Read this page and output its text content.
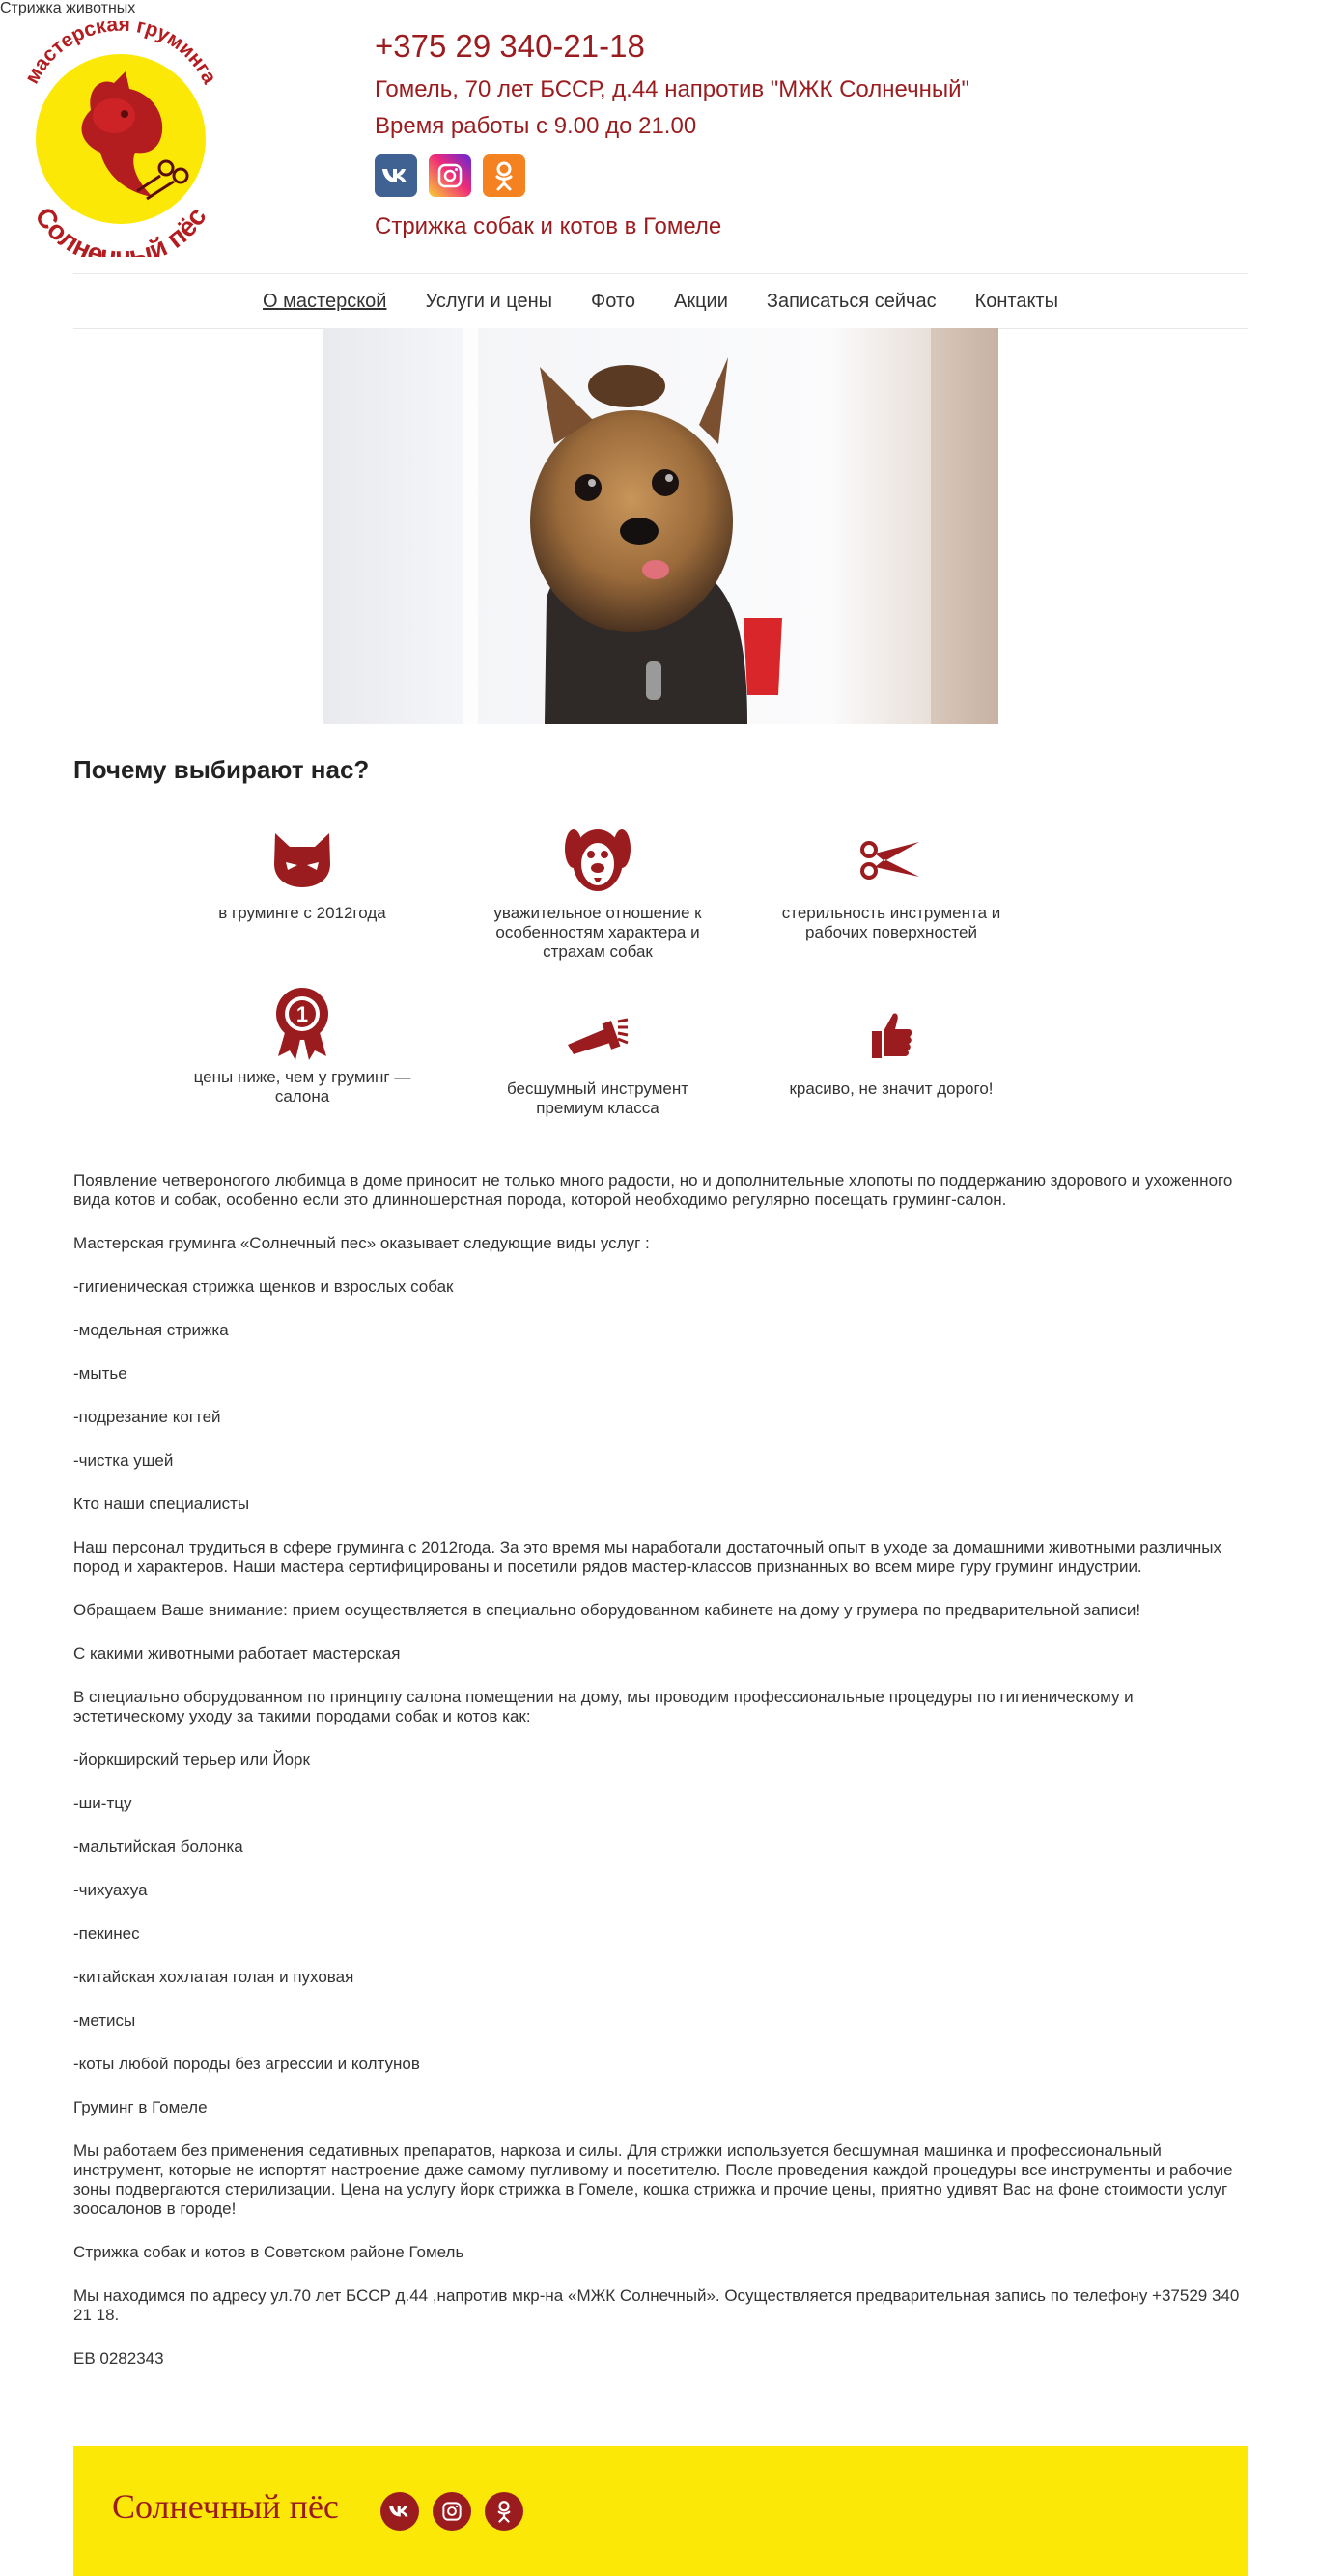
Стрижка животных
мастерская груминга
Солнечный пёс
+375 29 340-21-18
Гомель, 70 лет БССР, д.44 напротив "МЖК Солнечный"
Время работы с 9.00 до 21.00
Стрижка собак и котов в Гомеле
О мастерской Услуги и цены Фото Акции Записаться сейчас Контакты
Почему выбирают нас?
в груминге с 2012года	уважительное отношение к особенностям характера и страхам собак
стерильность инструмента и рабочих поверхностей
1
цены ниже, чем у груминг — салона	бесшумный инструмент премиум класса
красиво, не значит дорого!

Появление четвероногого любимца в доме приносит не только много радости, но и дополнительные хлопоты по поддержанию здорового и ухоженного вида котов и собак, особенно если это длинношерстная порода, которой необходимо регулярно посещать груминг-салон.

Мастерская груминга «Солнечный пес» оказывает следующие виды услуг :

-гигиеническая стрижка щенков и взрослых собак

-модельная стрижка

-мытье

-подрезание когтей

-чистка ушей

Кто наши специалисты

Наш персонал трудиться в сфере груминга с 2012года. За это время мы наработали достаточный опыт в уходе за домашними животными различных пород и характеров. Наши мастера сертифицированы и посетили рядов мастер-классов признанных во всем мире гуру груминг индустрии.

Обращаем Ваше внимание: прием осуществляется в специально оборудованном кабинете на дому у грумера по предварительной записи!

С какими животными работает мастерская

В специально оборудованном по принципу салона помещении на дому, мы проводим профессиональные процедуры по гигиеническому и эстетическому уходу за такими породами собак и котов как:

-йоркширский терьер или Йорк

-ши-тцу

-мальтийская болонка

-чихуахуа

-пекинес

-китайская хохлатая голая и пуховая

-метисы

-коты любой породы без агрессии и колтунов

Груминг в Гомеле

Мы работаем без применения седативных препаратов, наркоза и силы. Для стрижки используется бесшумная машинка и профессиональный инструмент, которые не испортят настроение даже самому пугливому и посетителю. После проведения каждой процедуры все инструменты и рабочие зоны подвергаются стерилизации. Цена на услугу йорк стрижка в Гомеле, кошка стрижка и прочие цены, приятно удивят Вас на фоне стоимости услуг зоосалонов в городе!

Стрижка собак и котов в Советском районе Гомель

Мы находимся по адресу ул.70 лет БССР д.44 ,напротив мкр-на «МЖК Солнечный». Осуществляется предварительная запись по телефону +37529 340 21 18.

ЕВ 0282343

Солнечный пёс
